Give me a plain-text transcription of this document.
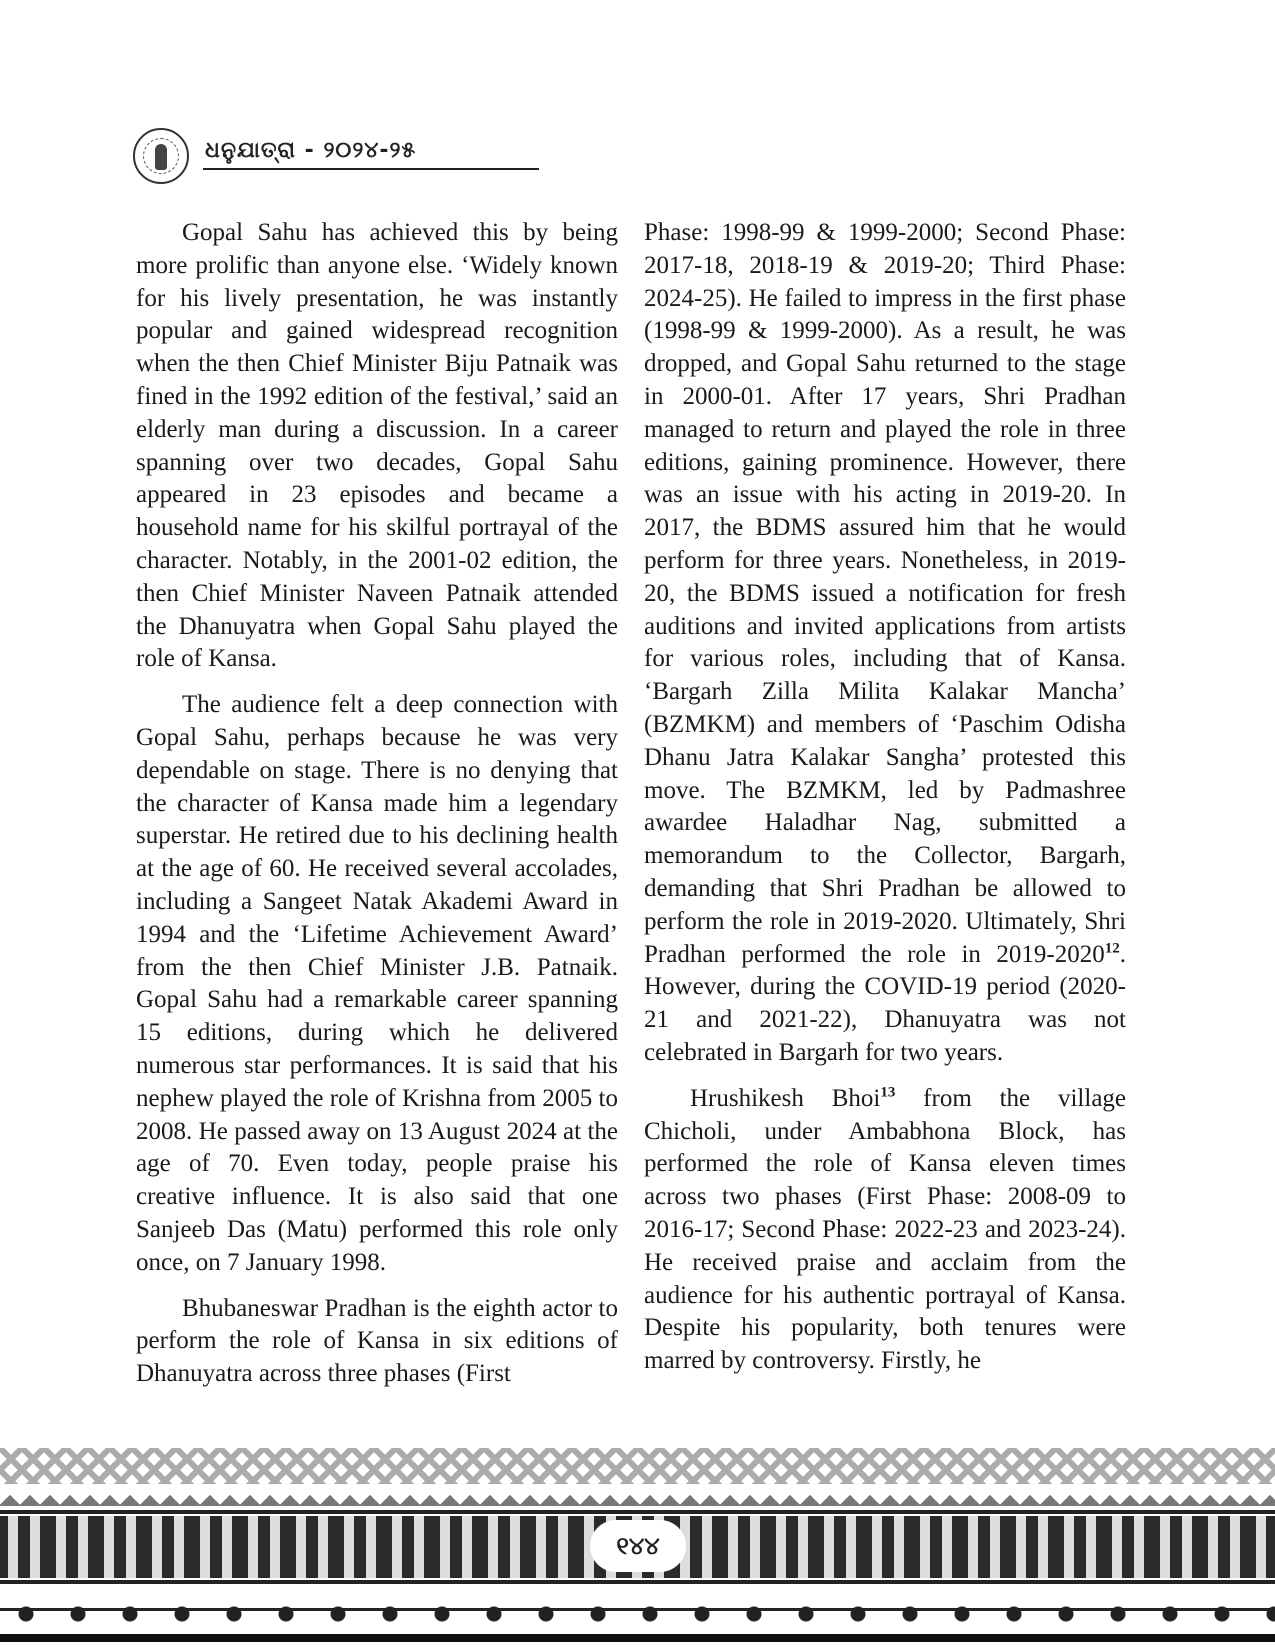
ଧନୁଯାତ୍ରା - ୨୦୨୪-୨୫

Gopal Sahu has achieved this by being more prolific than anyone else. ‘Widely known for his lively presentation, he was instantly popular and gained widespread recognition when the then Chief Minister Biju Patnaik was fined in the 1992 edition of the festival,’ said an elderly man during a discussion. In a career spanning over two decades, Gopal Sahu appeared in 23 episodes and became a household name for his skilful portrayal of the character. Notably, in the 2001-02 edition, the then Chief Minister Naveen Patnaik attended the Dhanuyatra when Gopal Sahu played the role of Kansa.

The audience felt a deep connection with Gopal Sahu, perhaps because he was very dependable on stage. There is no denying that the character of Kansa made him a legendary superstar. He retired due to his declining health at the age of 60. He received several accolades, including a Sangeet Natak Akademi Award in 1994 and the ‘Lifetime Achievement Award’ from the then Chief Minister J.B. Patnaik. Gopal Sahu had a remarkable career spanning 15 editions, during which he delivered numerous star performances. It is said that his nephew played the role of Krishna from 2005 to 2008. He passed away on 13 August 2024 at the age of 70. Even today, people praise his creative influence. It is also said that one Sanjeeb Das (Matu) performed this role only once, on 7 January 1998.

Bhubaneswar Pradhan is the eighth actor to perform the role of Kansa in six editions of Dhanuyatra across three phases (First

Phase: 1998-99 & 1999-2000; Second Phase: 2017-18, 2018-19 & 2019-20; Third Phase: 2024-25). He failed to impress in the first phase (1998-99 & 1999-2000). As a result, he was dropped, and Gopal Sahu returned to the stage in 2000-01. After 17 years, Shri Pradhan managed to return and played the role in three editions, gaining prominence. However, there was an issue with his acting in 2019-20. In 2017, the BDMS assured him that he would perform for three years. Nonetheless, in 2019-20, the BDMS issued a notification for fresh auditions and invited applications from artists for various roles, including that of Kansa. ‘Bargarh Zilla Milita Kalakar Mancha’ (BZMKM) and members of ‘Paschim Odisha Dhanu Jatra Kalakar Sangha’ protested this move. The BZMKM, led by Padmashree awardee Haladhar Nag, submitted a memorandum to the Collector, Bargarh, demanding that Shri Pradhan be allowed to perform the role in 2019-2020. Ultimately, Shri Pradhan performed the role in 2019-2020$^{12}$. However, during the COVID-19 period (2020-21 and 2021-22), Dhanuyatra was not celebrated in Bargarh for two years.

Hrushikesh Bhoi$^{13}$ from the village Chicholi, under Ambabhona Block, has performed the role of Kansa eleven times across two phases (First Phase: 2008-09 to 2016-17; Second Phase: 2022-23 and 2023-24). He received praise and acclaim from the audience for his authentic portrayal of Kansa. Despite his popularity, both tenures were marred by controversy. Firstly, he

୧୪୪
